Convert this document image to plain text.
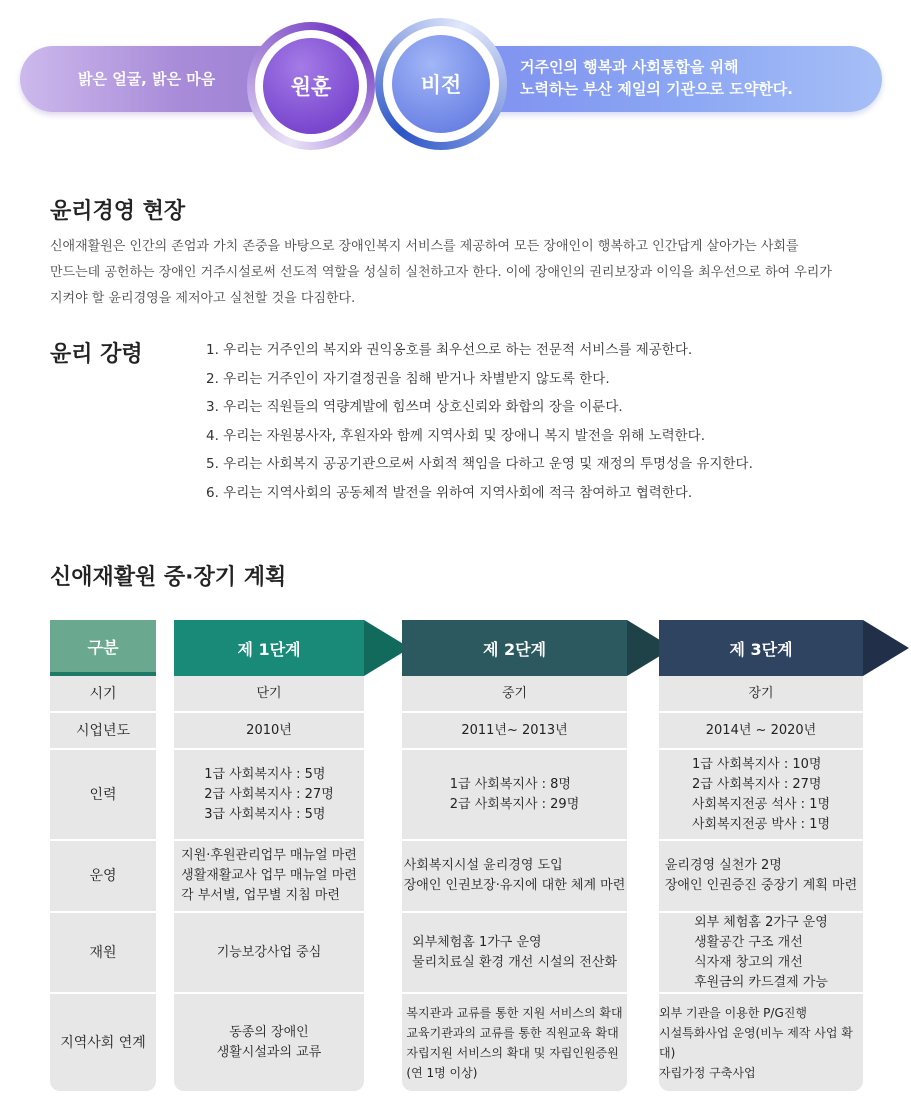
밝은 얼굴, 밝은 마음
거주인의 행복과 사회통합을 위해
노력하는 부산 제일의 기관으로 도약한다.
비전
원훈
윤리경영 현장
신애재활원은 인간의 존엄과 가치 존중을 바탕으로 장애인복지 서비스를 제공하여 모든 장애인이 행복하고 인간답게 살아가는 사회를
만드는데 공헌하는 장애인 거주시설로써 선도적 역할을 성실히 실천하고자 한다. 이에 장애인의 권리보장과 이익을 최우선으로 하여 우리가
지켜야 할 윤리경영을 제저아고 실천할 것을 다짐한다.
윤리 강령	1. 우리는 거주인의 복지와 권익옹호를 최우선으로 하는 전문적 서비스를 제공한다.
2. 우리는 거주인이 자기결정권을 침해 받거나 차별받지 않도록 한다.
3. 우리는 직원들의 역량계발에 힘쓰며 상호신뢰와 화합의 장을 이룬다.
4. 우리는 자원봉사자, 후원자와 함께 지역사회 및 장애니 복지 발전을 위해 노력한다.
5. 우리는 사회복지 공공기관으로써 사회적 책임을 다하고 운영 및 재정의 투명성을 유지한다.
6. 우리는 지역사회의 공동체적 발전을 위하여 지역사회에 적극 참여하고 협력한다.
신애재활원 중·장기 계획
구분
시기
시업년도
인력
운영
재원
지역사회 연계
제 1단계
단기
2010년
1급 사회복지사 : 5명
2급 사회복지사 : 27명
3급 사회복지사 : 5명
지원·후원관리업무 매뉴얼 마련
생활재활교사 업무 매뉴얼 마련
각 부서별, 업무별 지침 마련
기능보강사업 중심
동종의 장애인
생활시설과의 교류
제 2단계
중기
2011년~ 2013년
1급 사회복지사 : 8명
2급 사회복지사 : 29명
사회복지시설 윤리경영 도입
장애인 인권보장·유지에 대한 체계 마련
외부체험홈 1가구 운영
물리치료실 환경 개선 시설의 전산화
복지관과 교류를 통한 지원 서비스의 확대
교육기관과의 교류를 통한 직원교육 확대
자립지원 서비스의 확대 및 자립인원증원
(연 1명 이상)
제 3단계
장기
2014년 ~ 2020년
1급 사회복지사 : 10명
2급 사회복지사 : 27명
사회복지전공 석사 : 1명
사회복지전공 박사 : 1명
윤리경영 실천가 2명
장애인 인권증진 중장기 계획 마련
외부 체험홈 2가구 운영
생활공간 구조 개선
식자재 창고의 개선
후원금의 카드결제 가능
외부 기관을 이용한 P/G진행
시설특화사업 운영(비누 제작 사업 확대)
자립가정 구축사업
